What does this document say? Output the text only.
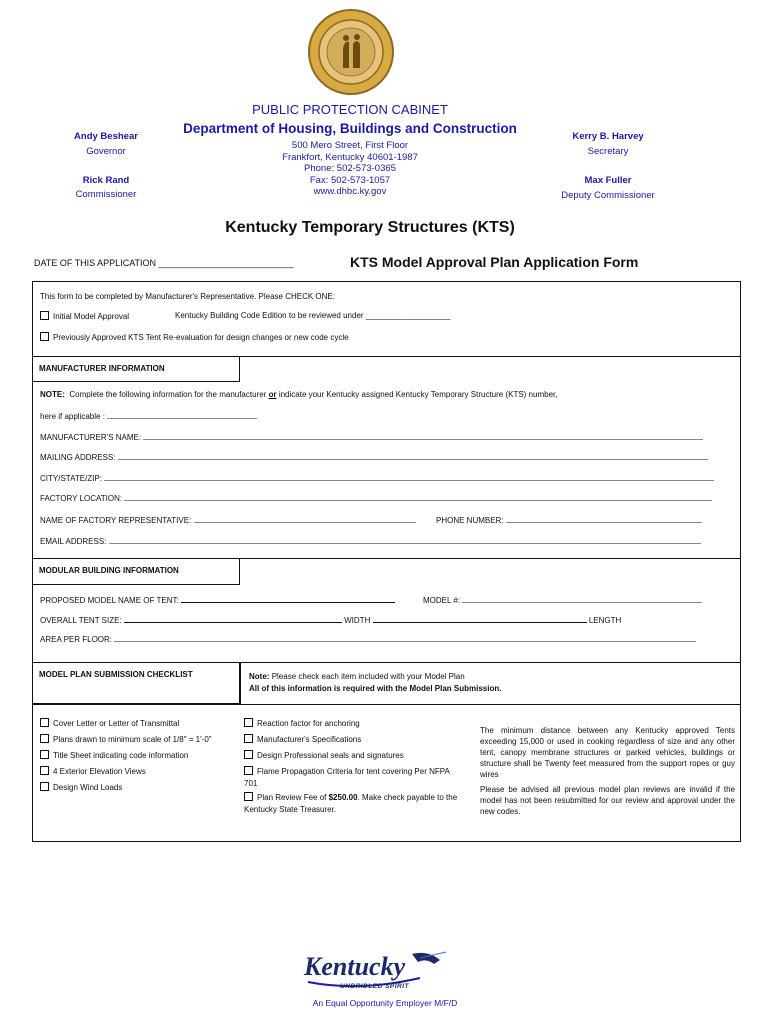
PUBLIC PROTECTION CABINET
Department of Housing, Buildings and Construction
500 Mero Street, First Floor
Frankfort, Kentucky 40601-1987
Phone: 502-573-0365
Fax: 502-573-1057
www.dhbc.ky.gov
Andy Beshear
Governor
Rick Rand
Commissioner
Kerry B. Harvey
Secretary
Max Fuller
Deputy Commissioner
Kentucky Temporary Structures (KTS)
DATE OF THIS APPLICATION ___________________________	KTS Model Approval Plan Application Form
This form to be completed by Manufacturer's Representative. Please CHECK ONE:
Initial Model Approval	Kentucky Building Code Edition to be reviewed under ___________________
Previously Approved KTS Tent Re-evaluation for design changes or new code cycle
MANUFACTURER INFORMATION
NOTE: Complete the following information for the manufacturer or indicate your Kentucky assigned Kentucky Temporary Structure (KTS) number,
here if applicable :
MANUFACTURER'S NAME:
MAILING ADDRESS:
CITY/STATE/ZIP:
FACTORY LOCATION:
NAME OF FACTORY REPRESENTATIVE:	PHONE NUMBER:
EMAIL ADDRESS:
MODULAR BUILDING INFORMATION
PROPOSED MODEL NAME OF TENT:	MODEL #:
OVERALL TENT SIZE:	WIDTH	LENGTH
AREA PER FLOOR:
MODEL PLAN SUBMISSION CHECKLIST	Note: Please check each item included with your Model Plan
All of this information is required with the Model Plan Submission.
Cover Letter or Letter of Transmittal
Plans drawn to minimum scale of 1/8" = 1'-0"
Title Sheet indicating code information
4 Exterior Elevation Views
Design Wind Loads
Reaction factor for anchoring
Manufacturer's Specifications
Design Professional seals and signatures
Flame Propagation Criteria for tent covering Per NFPA 701
Plan Review Fee of $250.00. Make check payable to the Kentucky State Treasurer.
The minimum distance between any Kentucky approved Tents exceeding 15,000 or used in cooking regardless of size and any other tent, canopy membrane structures or parked vehicles, buildings or structure shall be Twenty feet measured from the support ropes or guy wires
Please be advised all previous model plan reviews are invalid if the model has not been resubmitted for our review and approval under the new codes.
Kentucky
UNBRIDLED SPIRIT
An Equal Opportunity Employer M/F/D
